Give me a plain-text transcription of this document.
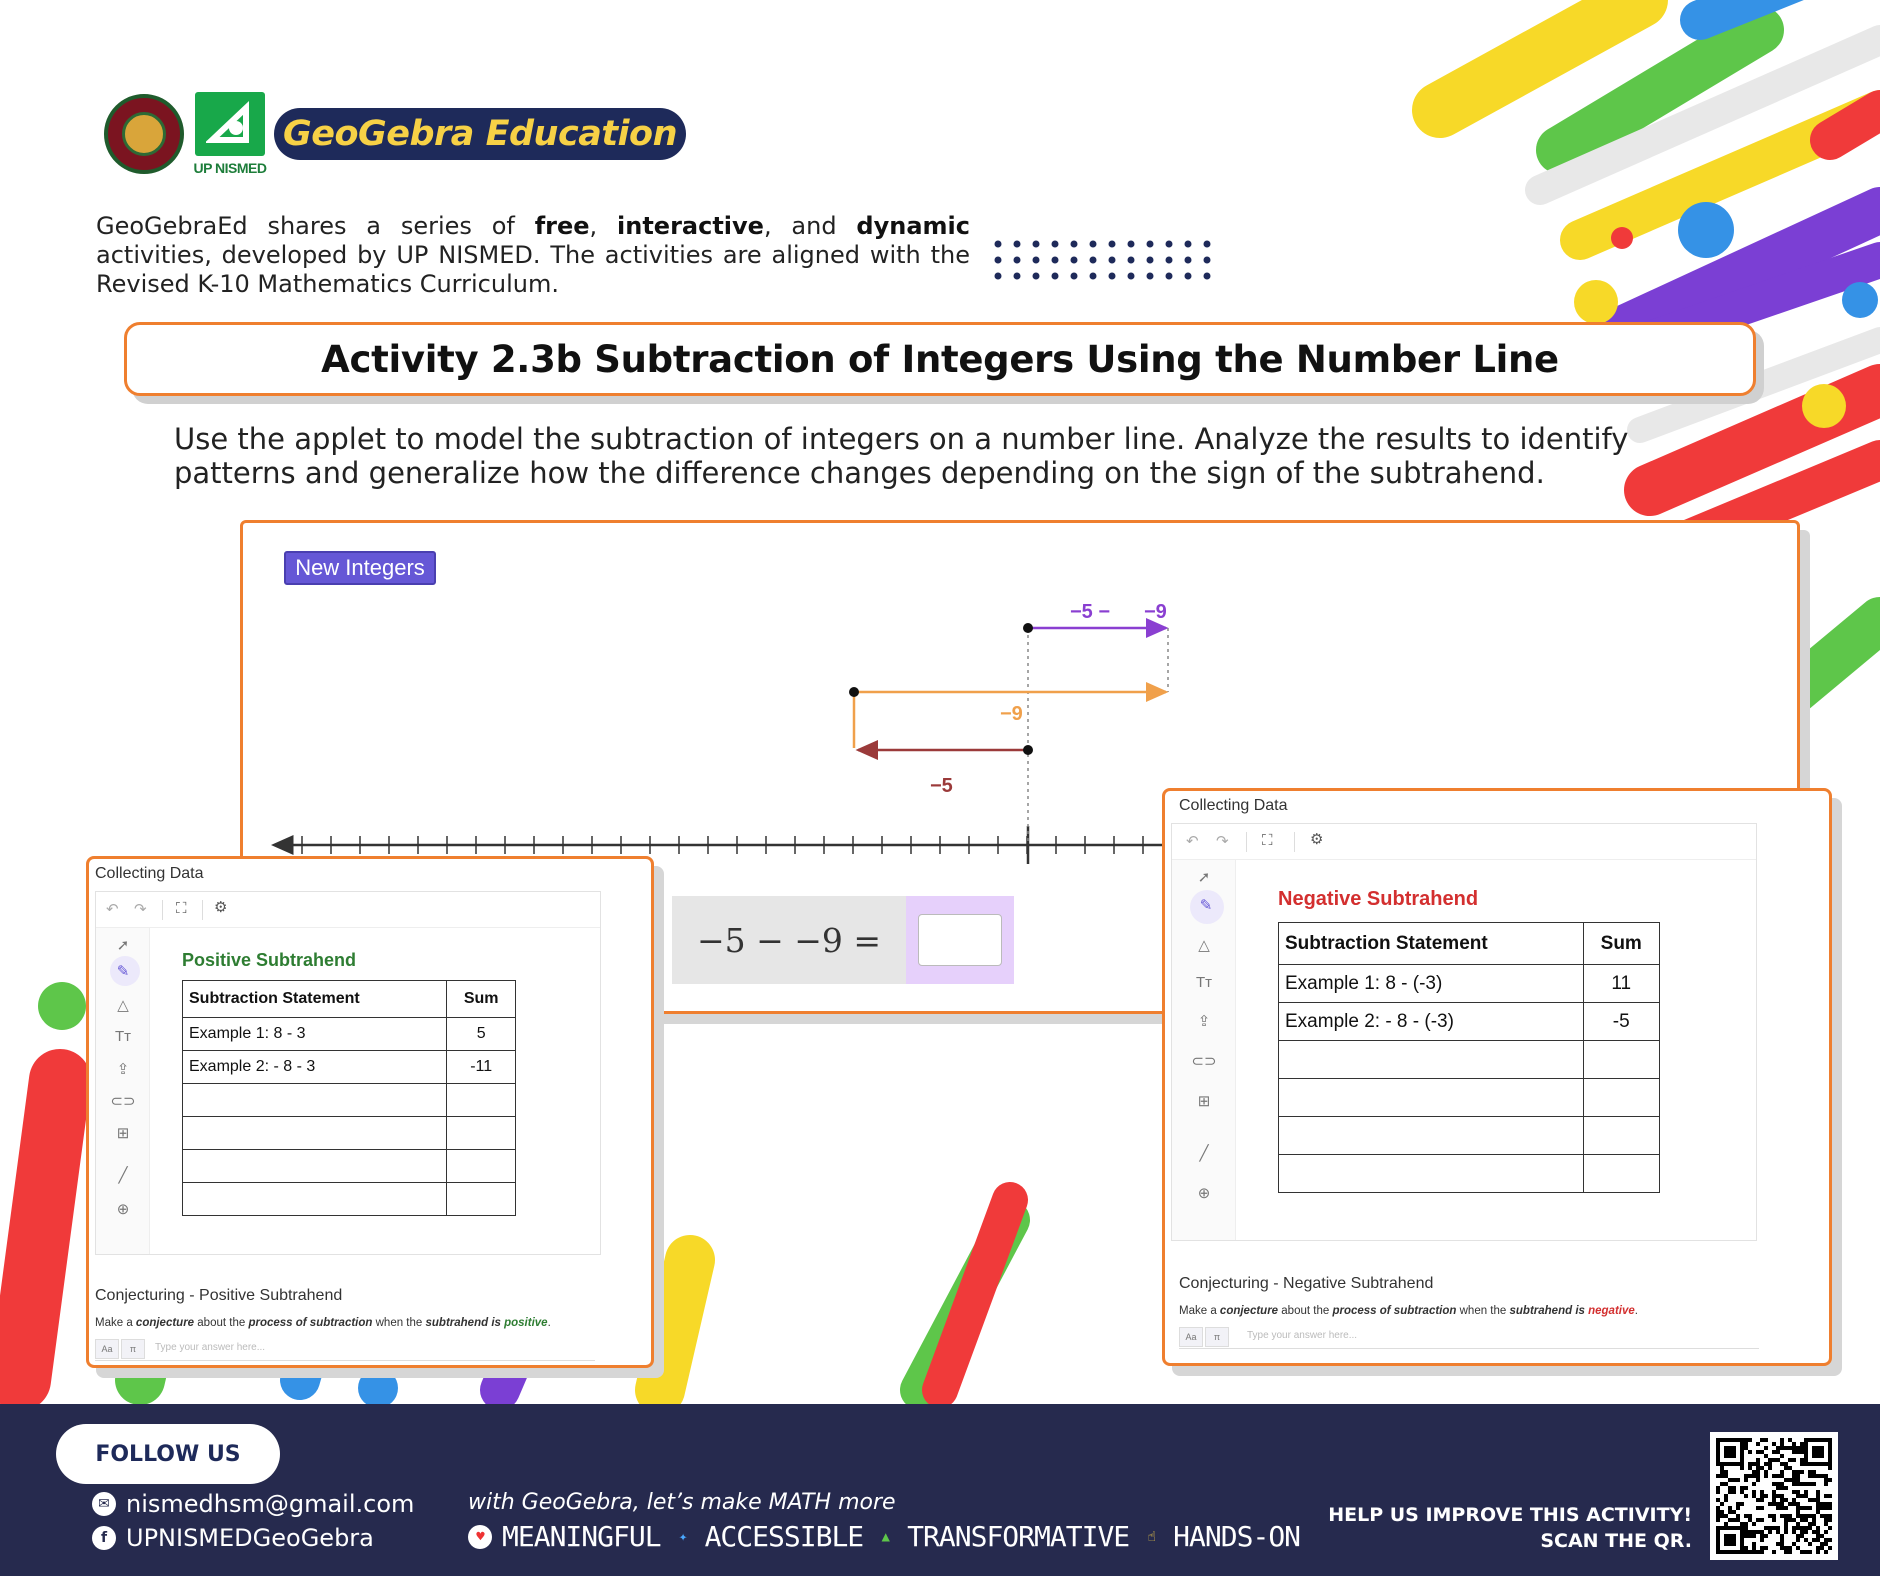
UP NISMED
GeoGebra Education
GeoGebraEd shares a series of free, interactive, and dynamic activities, developed by UP NISMED. The activities are aligned with the Revised K-10 Mathematics Curriculum.
Activity 2.3b Subtraction of Integers Using the Number Line
Use the applet to model the subtraction of integers on a number line. Analyze the results to identify patterns and generalize how the difference changes depending on the sign of the subtrahend.
−5 − −9
−9
−5
New Integers
−5 − −9 =
Collecting Data
↶ ↷ ⛶ ⚙
➚
✎
△
Tт
⇪
⊂⊃
⊞
╱
⊕
Positive Subtrahend
Subtraction Statement	Sum
Example 1: 8 - 3	5
Example 2: - 8 - 3	-11

Conjecturing - Positive Subtrahend
Make a conjecture about the process of subtraction when the subtrahend is positive.
Aa	π	Type your answer here...
Collecting Data
↶ ↷ ⛶ ⚙
➚
✎
△
Tт
⇪
⊂⊃
⊞
╱
⊕
Negative Subtrahend
Subtraction Statement	Sum
Example 1: 8 - (-3)	11
Example 2: - 8 - (-3)	-5

Conjecturing - Negative Subtrahend
Make a conjecture about the process of subtraction when the subtrahend is negative.
Aa	π	Type your answer here...
FOLLOW US
✉ nismedhsm@gmail.com
f UPNISMEDGeoGebra
with GeoGebra, let’s make MATH more
♥ MEANINGFUL	✦ ACCESSIBLE	▲ TRANSFORMATIVE	☝ HANDS-ON
HELP US IMPROVE THIS ACTIVITY!
SCAN THE QR.
